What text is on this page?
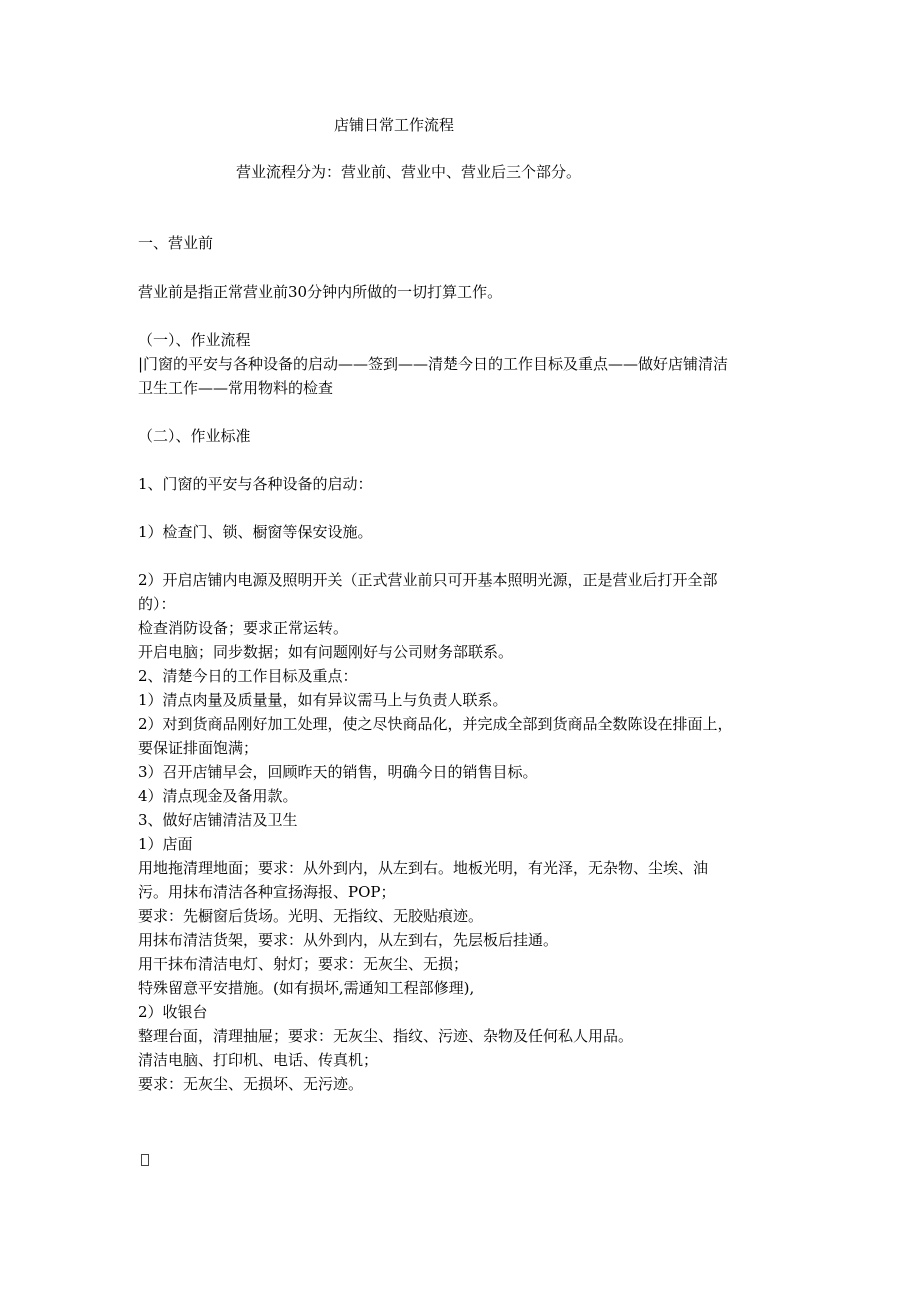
店铺日常工作流程
营业流程分为：营业前、营业中、营业后三个部分。
一、营业前
营业前是指正常营业前30分钟内所做的一切打算工作。
（一）、作业流程
|门窗的平安与各种设备的启动——签到——清楚今日的工作目标及重点——做好店铺清洁
卫生工作——常用物料的检查
（二）、作业标准
1、门窗的平安与各种设备的启动：
1）检查门、锁、橱窗等保安设施。
2）开启店铺内电源及照明开关（正式营业前只可开基本照明光源，正是营业后打开全部
的）：
检查消防设备；要求正常运转。
开启电脑；同步数据；如有问题刚好与公司财务部联系。
2、清楚今日的工作目标及重点：
1）清点肉量及质量量，如有异议需马上与负责人联系。
2）对到货商品刚好加工处理，使之尽快商品化，并完成全部到货商品全数陈设在排面上，
要保证排面饱满；
3）召开店铺早会，回顾昨天的销售，明确今日的销售目标。
4）清点现金及备用款。
3、做好店铺清洁及卫生
1）店面
用地拖清理地面；要求：从外到内，从左到右。地板光明，有光泽，无杂物、尘埃、油
污。用抹布清洁各种宣扬海报、POP；
要求：先橱窗后货场。光明、无指纹、无胶贴痕迹。
用抹布清洁货架，要求：从外到内，从左到右，先层板后挂通。
用干抹布清洁电灯、射灯；要求：无灰尘、无损；
特殊留意平安措施。(如有损坏,需通知工程部修理),
2）收银台
整理台面，清理抽屉；要求：无灰尘、指纹、污迹、杂物及任何私人用品。
清洁电脑、打印机、电话、传真机；
要求：无灰尘、无损坏、无污迹。
